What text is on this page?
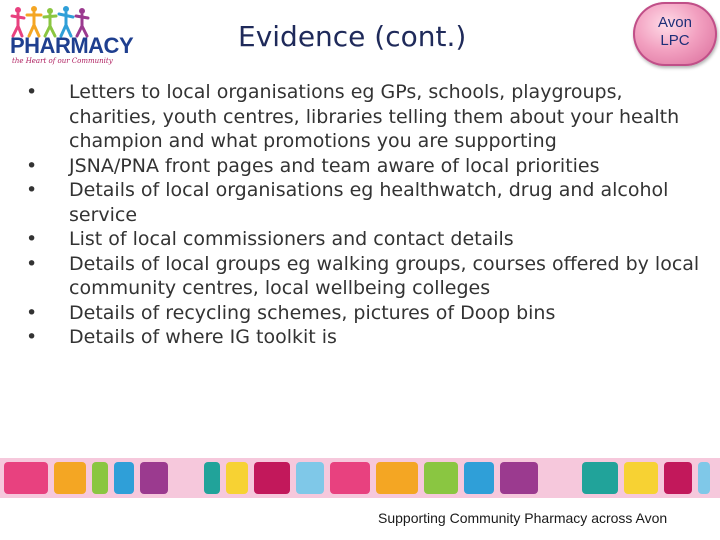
PHARMACY
the Heart of our Community
Evidence (cont.)	Avon
LPC
•	Letters to local organisations eg GPs, schools, playgroups, charities, youth centres, libraries telling them about your health champion and what promotions you are supporting
•	JSNA/PNA front pages and team aware of local priorities
•	Details of local organisations eg healthwatch, drug and alcohol service
•	List of local commissioners and contact details
•	Details of local groups eg walking groups, courses offered by local community centres, local wellbeing colleges
•	Details of recycling schemes, pictures of Doop bins
•	Details of where IG toolkit is
Supporting Community Pharmacy across Avon
